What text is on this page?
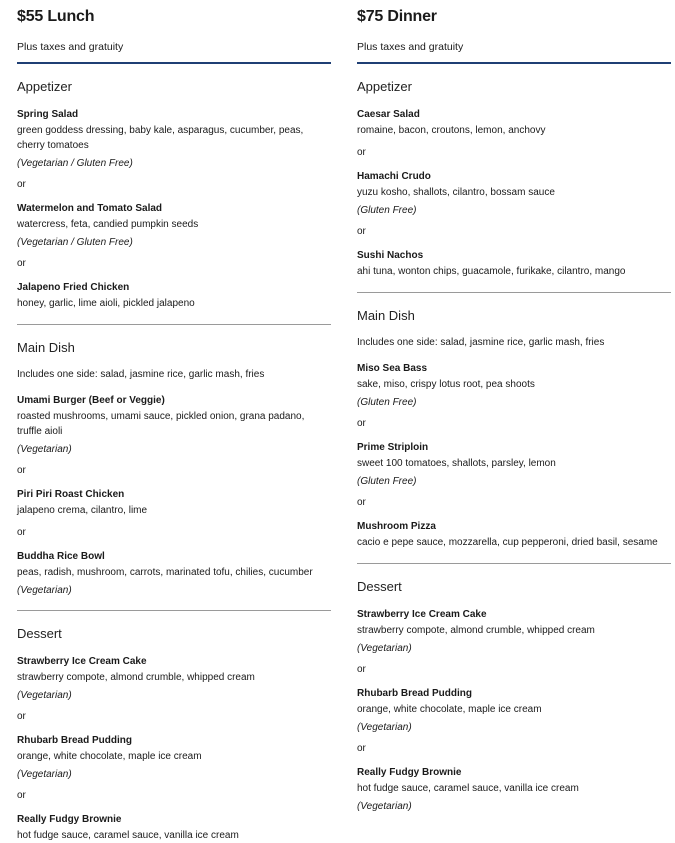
$55 Lunch
Plus taxes and gratuity
Appetizer
Spring Salad
green goddess dressing, baby kale, asparagus, cucumber, peas, cherry tomatoes
(Vegetarian / Gluten Free)
or
Watermelon and Tomato Salad
watercress, feta, candied pumpkin seeds
(Vegetarian / Gluten Free)
or
Jalapeno Fried Chicken
honey, garlic, lime aioli, pickled jalapeno
Main Dish
Includes one side: salad, jasmine rice, garlic mash, fries
Umami Burger (Beef or Veggie)
roasted mushrooms, umami sauce, pickled onion, grana padano, truffle aioli
(Vegetarian)
or
Piri Piri Roast Chicken
jalapeno crema, cilantro, lime
or
Buddha Rice Bowl
peas, radish, mushroom, carrots, marinated tofu, chilies, cucumber
(Vegetarian)
Dessert
Strawberry Ice Cream Cake
strawberry compote, almond crumble, whipped cream
(Vegetarian)
or
Rhubarb Bread Pudding
orange, white chocolate, maple ice cream
(Vegetarian)
or
Really Fudgy Brownie
hot fudge sauce, caramel sauce, vanilla ice cream
$75 Dinner
Plus taxes and gratuity
Appetizer
Caesar Salad
romaine, bacon, croutons, lemon, anchovy
or
Hamachi Crudo
yuzu kosho, shallots, cilantro, bossam sauce
(Gluten Free)
or
Sushi Nachos
ahi tuna, wonton chips, guacamole, furikake, cilantro, mango
Main Dish
Includes one side: salad, jasmine rice, garlic mash, fries
Miso Sea Bass
sake, miso, crispy lotus root, pea shoots
(Gluten Free)
or
Prime Striploin
sweet 100 tomatoes, shallots, parsley, lemon
(Gluten Free)
or
Mushroom Pizza
cacio e pepe sauce, mozzarella, cup pepperoni, dried basil, sesame
Dessert
Strawberry Ice Cream Cake
strawberry compote, almond crumble, whipped cream
(Vegetarian)
or
Rhubarb Bread Pudding
orange, white chocolate, maple ice cream
(Vegetarian)
or
Really Fudgy Brownie
hot fudge sauce, caramel sauce, vanilla ice cream
(Vegetarian)
